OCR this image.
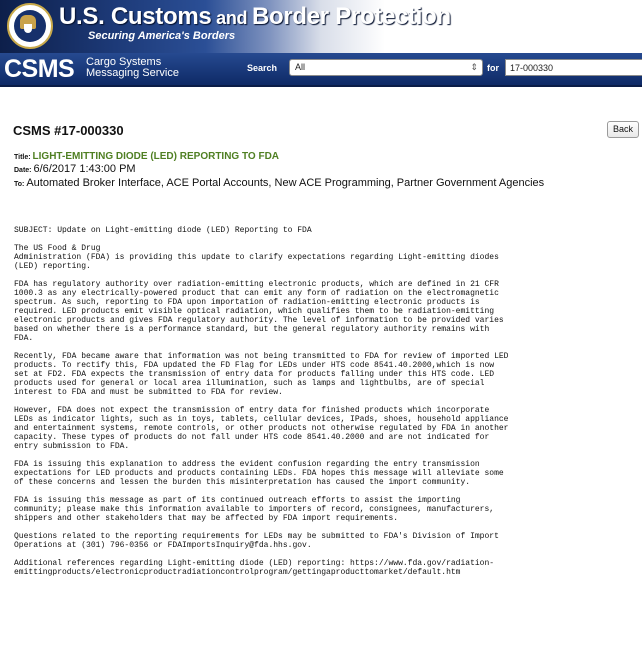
U.S. Customs and Border Protection
Securing America's Borders
CSMS Cargo Systems
Messaging Service	Search	All	⇕ for
17-000330
CSMS #17-000330	Back
Title: LIGHT-EMITTING DIODE (LED) REPORTING TO FDA
Date: 6/6/2017 1:43:00 PM
To: Automated Broker Interface, ACE Portal Accounts, New ACE Programming, Partner Government Agencies

SUBJECT: Update on Light-emitting diode (LED) Reporting to FDA

The US Food & Drug
Administration (FDA) is providing this update to clarify expectations regarding Light-emitting diodes
(LED) reporting.

FDA has regulatory authority over radiation-emitting electronic products, which are defined in 21 CFR
1000.3 as any electrically-powered product that can emit any form of radiation on the electromagnetic
spectrum. As such, reporting to FDA upon importation of radiation-emitting electronic products is
required. LED products emit visible optical radiation, which qualifies them to be radiation-emitting
electronic products and gives FDA regulatory authority. The level of information to be provided varies
based on whether there is a performance standard, but the general regulatory authority remains with
FDA.

Recently, FDA became aware that information was not being transmitted to FDA for review of imported LED
products. To rectify this, FDA updated the FD Flag for LEDs under HTS code 8541.40.2000,which is now
set at FD2. FDA expects the transmission of entry data for products falling under this HTS code. LED
products used for general or local area illumination, such as lamps and lightbulbs, are of special
interest to FDA and must be submitted to FDA for review.

However, FDA does not expect the transmission of entry data for finished products which incorporate
LEDs as indicator lights, such as in toys, tablets, cellular devices, IPads, shoes, household appliance
and entertainment systems, remote controls, or other products not otherwise regulated by FDA in another
capacity. These types of products do not fall under HTS code 8541.40.2000 and are not indicated for
entry submission to FDA.

FDA is issuing this explanation to address the evident confusion regarding the entry transmission
expectations for LED products and products containing LEDs. FDA hopes this message will alleviate some
of these concerns and lessen the burden this misinterpretation has caused the import community.

FDA is issuing this message as part of its continued outreach efforts to assist the importing
community; please make this information available to importers of record, consignees, manufacturers,
shippers and other stakeholders that may be affected by FDA import requirements.

Questions related to the reporting requirements for LEDs may be submitted to FDA's Division of Import
Operations at (301) 796-0356 or FDAImportsInquiry@fda.hhs.gov.

Additional references regarding Light-emitting diode (LED) reporting: https://www.fda.gov/radiation-
emittingproducts/electronicproductradiationcontrolprogram/gettingaproducttomarket/default.htm
